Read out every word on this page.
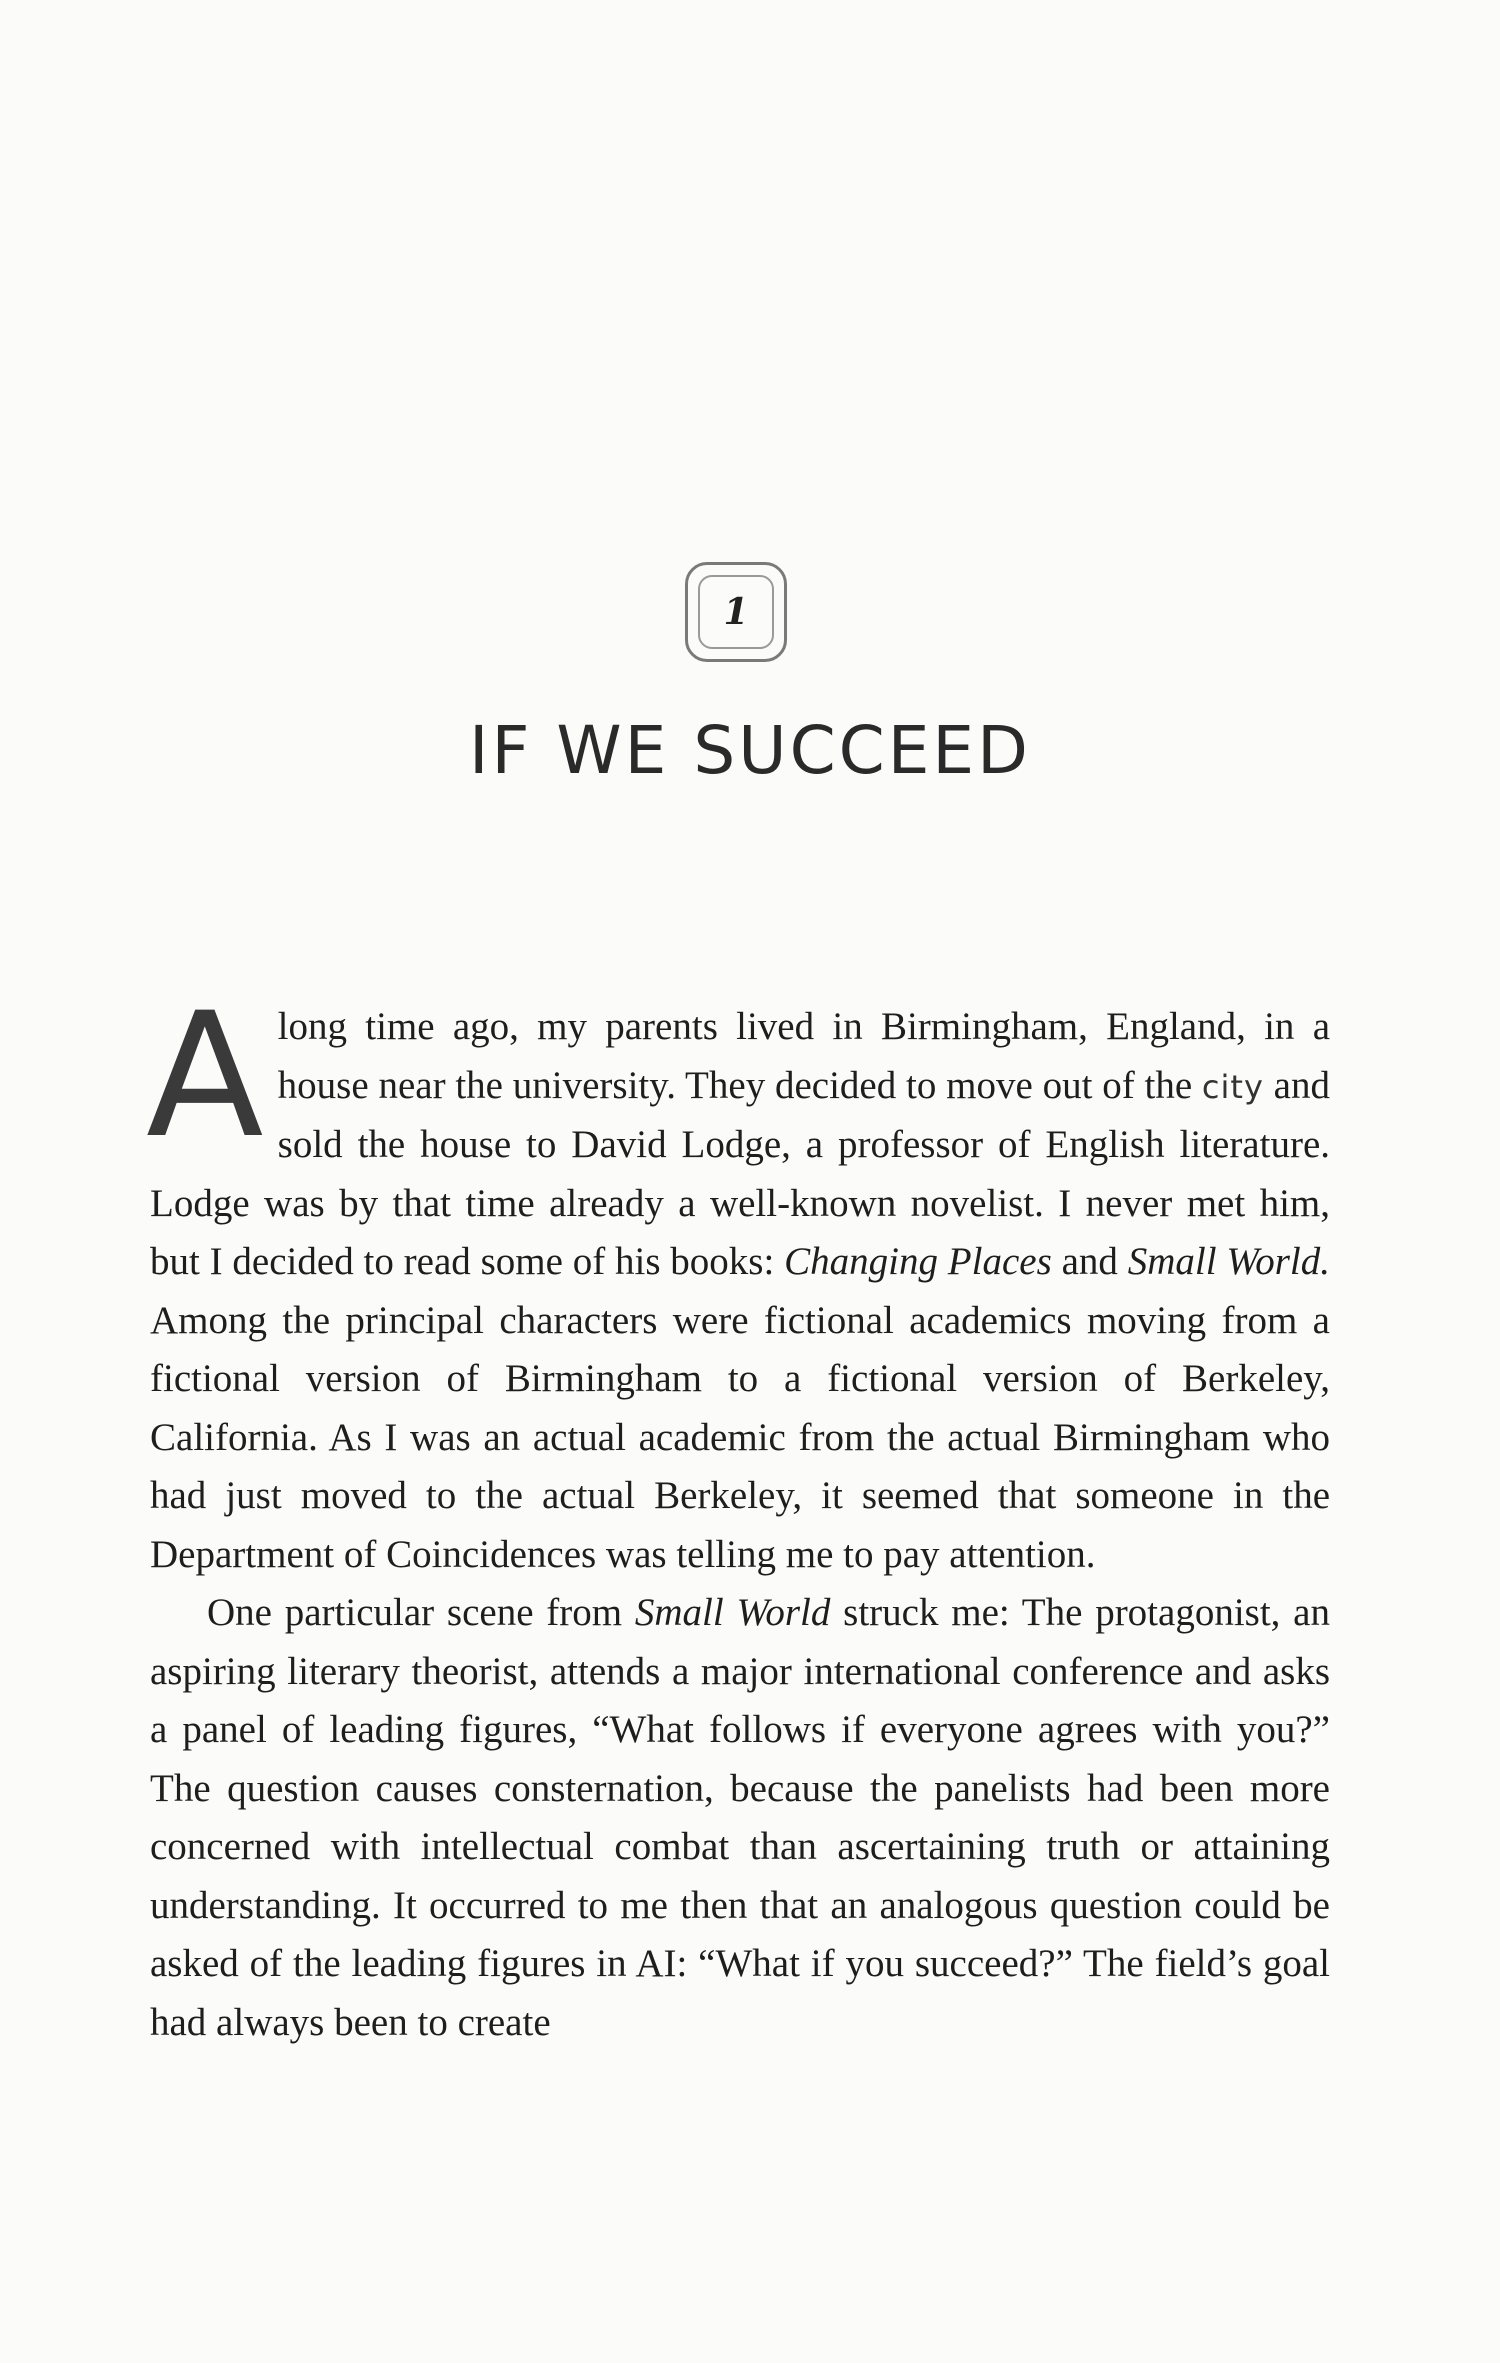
1
IF WE SUCCEED

A long time ago, my parents lived in Birmingham, England, in a house near the university. They decided to move out of the city and sold the house to David Lodge, a professor of English literature. Lodge was by that time already a well-known novelist. I never met him, but I decided to read some of his books: Changing Places and Small World. Among the principal characters were fictional academics moving from a fictional version of Birmingham to a fictional version of Berkeley, California. As I was an actual academic from the actual Birmingham who had just moved to the actual Berkeley, it seemed that someone in the Department of Coincidences was telling me to pay attention.

One particular scene from Small World struck me: The protagonist, an aspiring literary theorist, attends a major international conference and asks a panel of leading figures, “What follows if everyone agrees with you?” The question causes consternation, because the panelists had been more concerned with intellectual combat than ascertaining truth or attaining understanding. It occurred to me then that an analogous question could be asked of the leading figures in AI: “What if you succeed?” The field’s goal had always been to create
